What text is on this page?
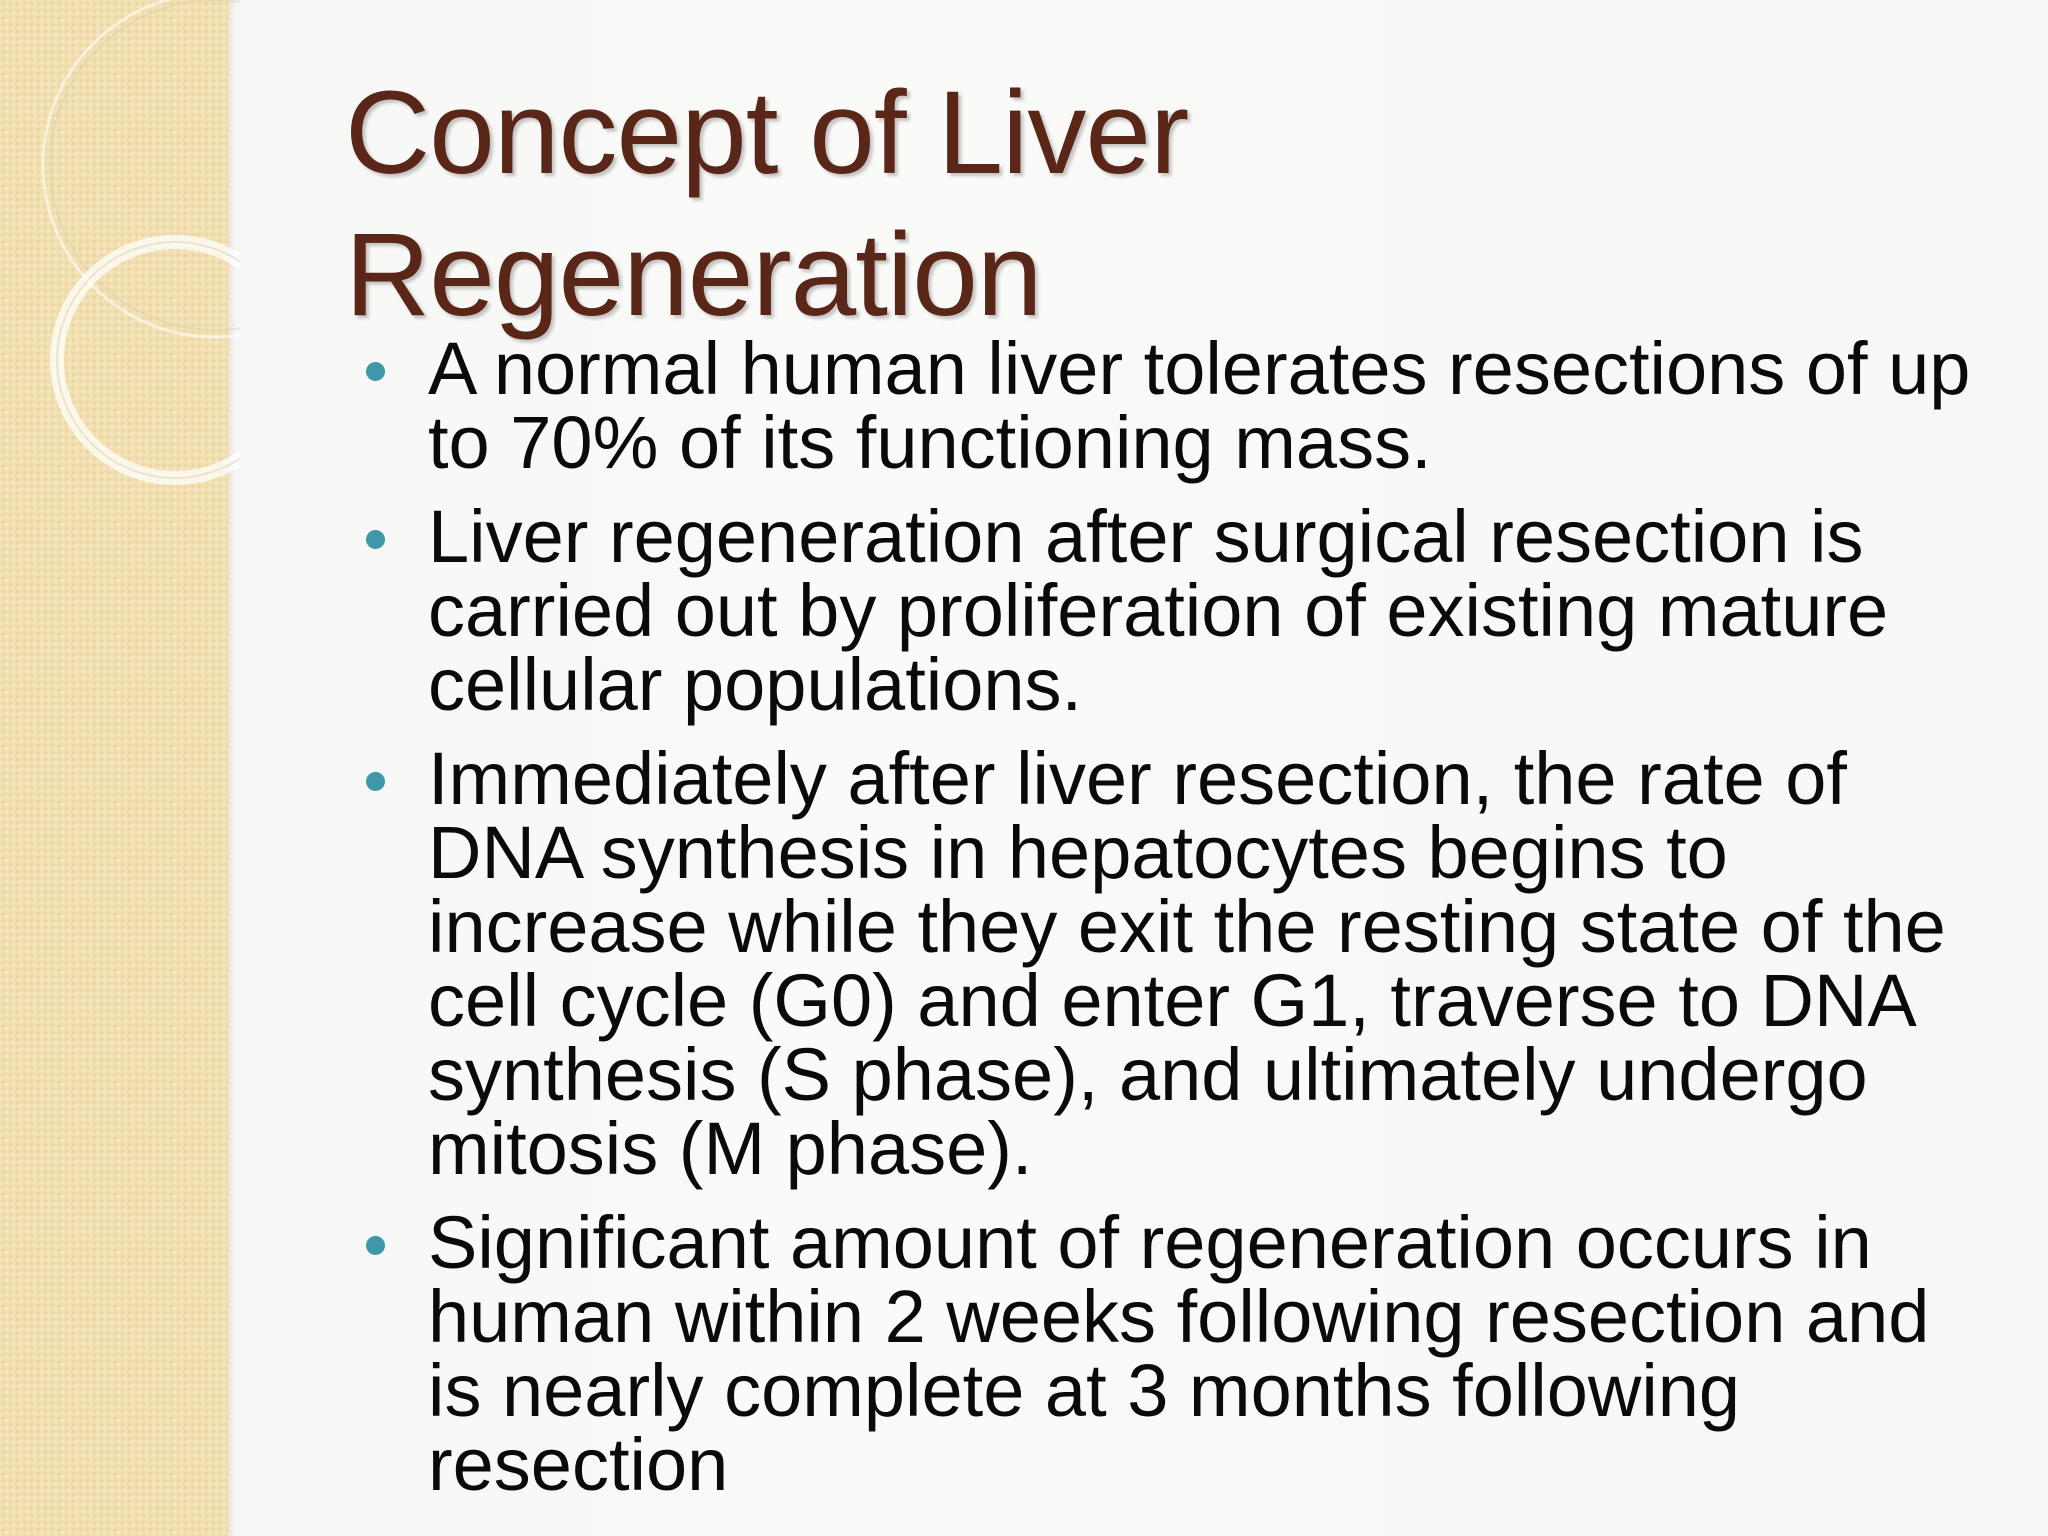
Concept of Liver
Regeneration
A normal human liver tolerates resections of up to 70% of its functioning mass.
Liver regeneration after surgical resection is carried out by proliferation of existing mature cellular populations.
Immediately after liver resection, the rate of DNA synthesis in hepatocytes begins to increase while they exit the resting state of the cell cycle (G0) and enter G1, traverse to DNA synthesis (S phase), and ultimately undergo mitosis (M phase).
Significant amount of regeneration occurs in human within 2 weeks following resection and is nearly complete at 3 months following resection
